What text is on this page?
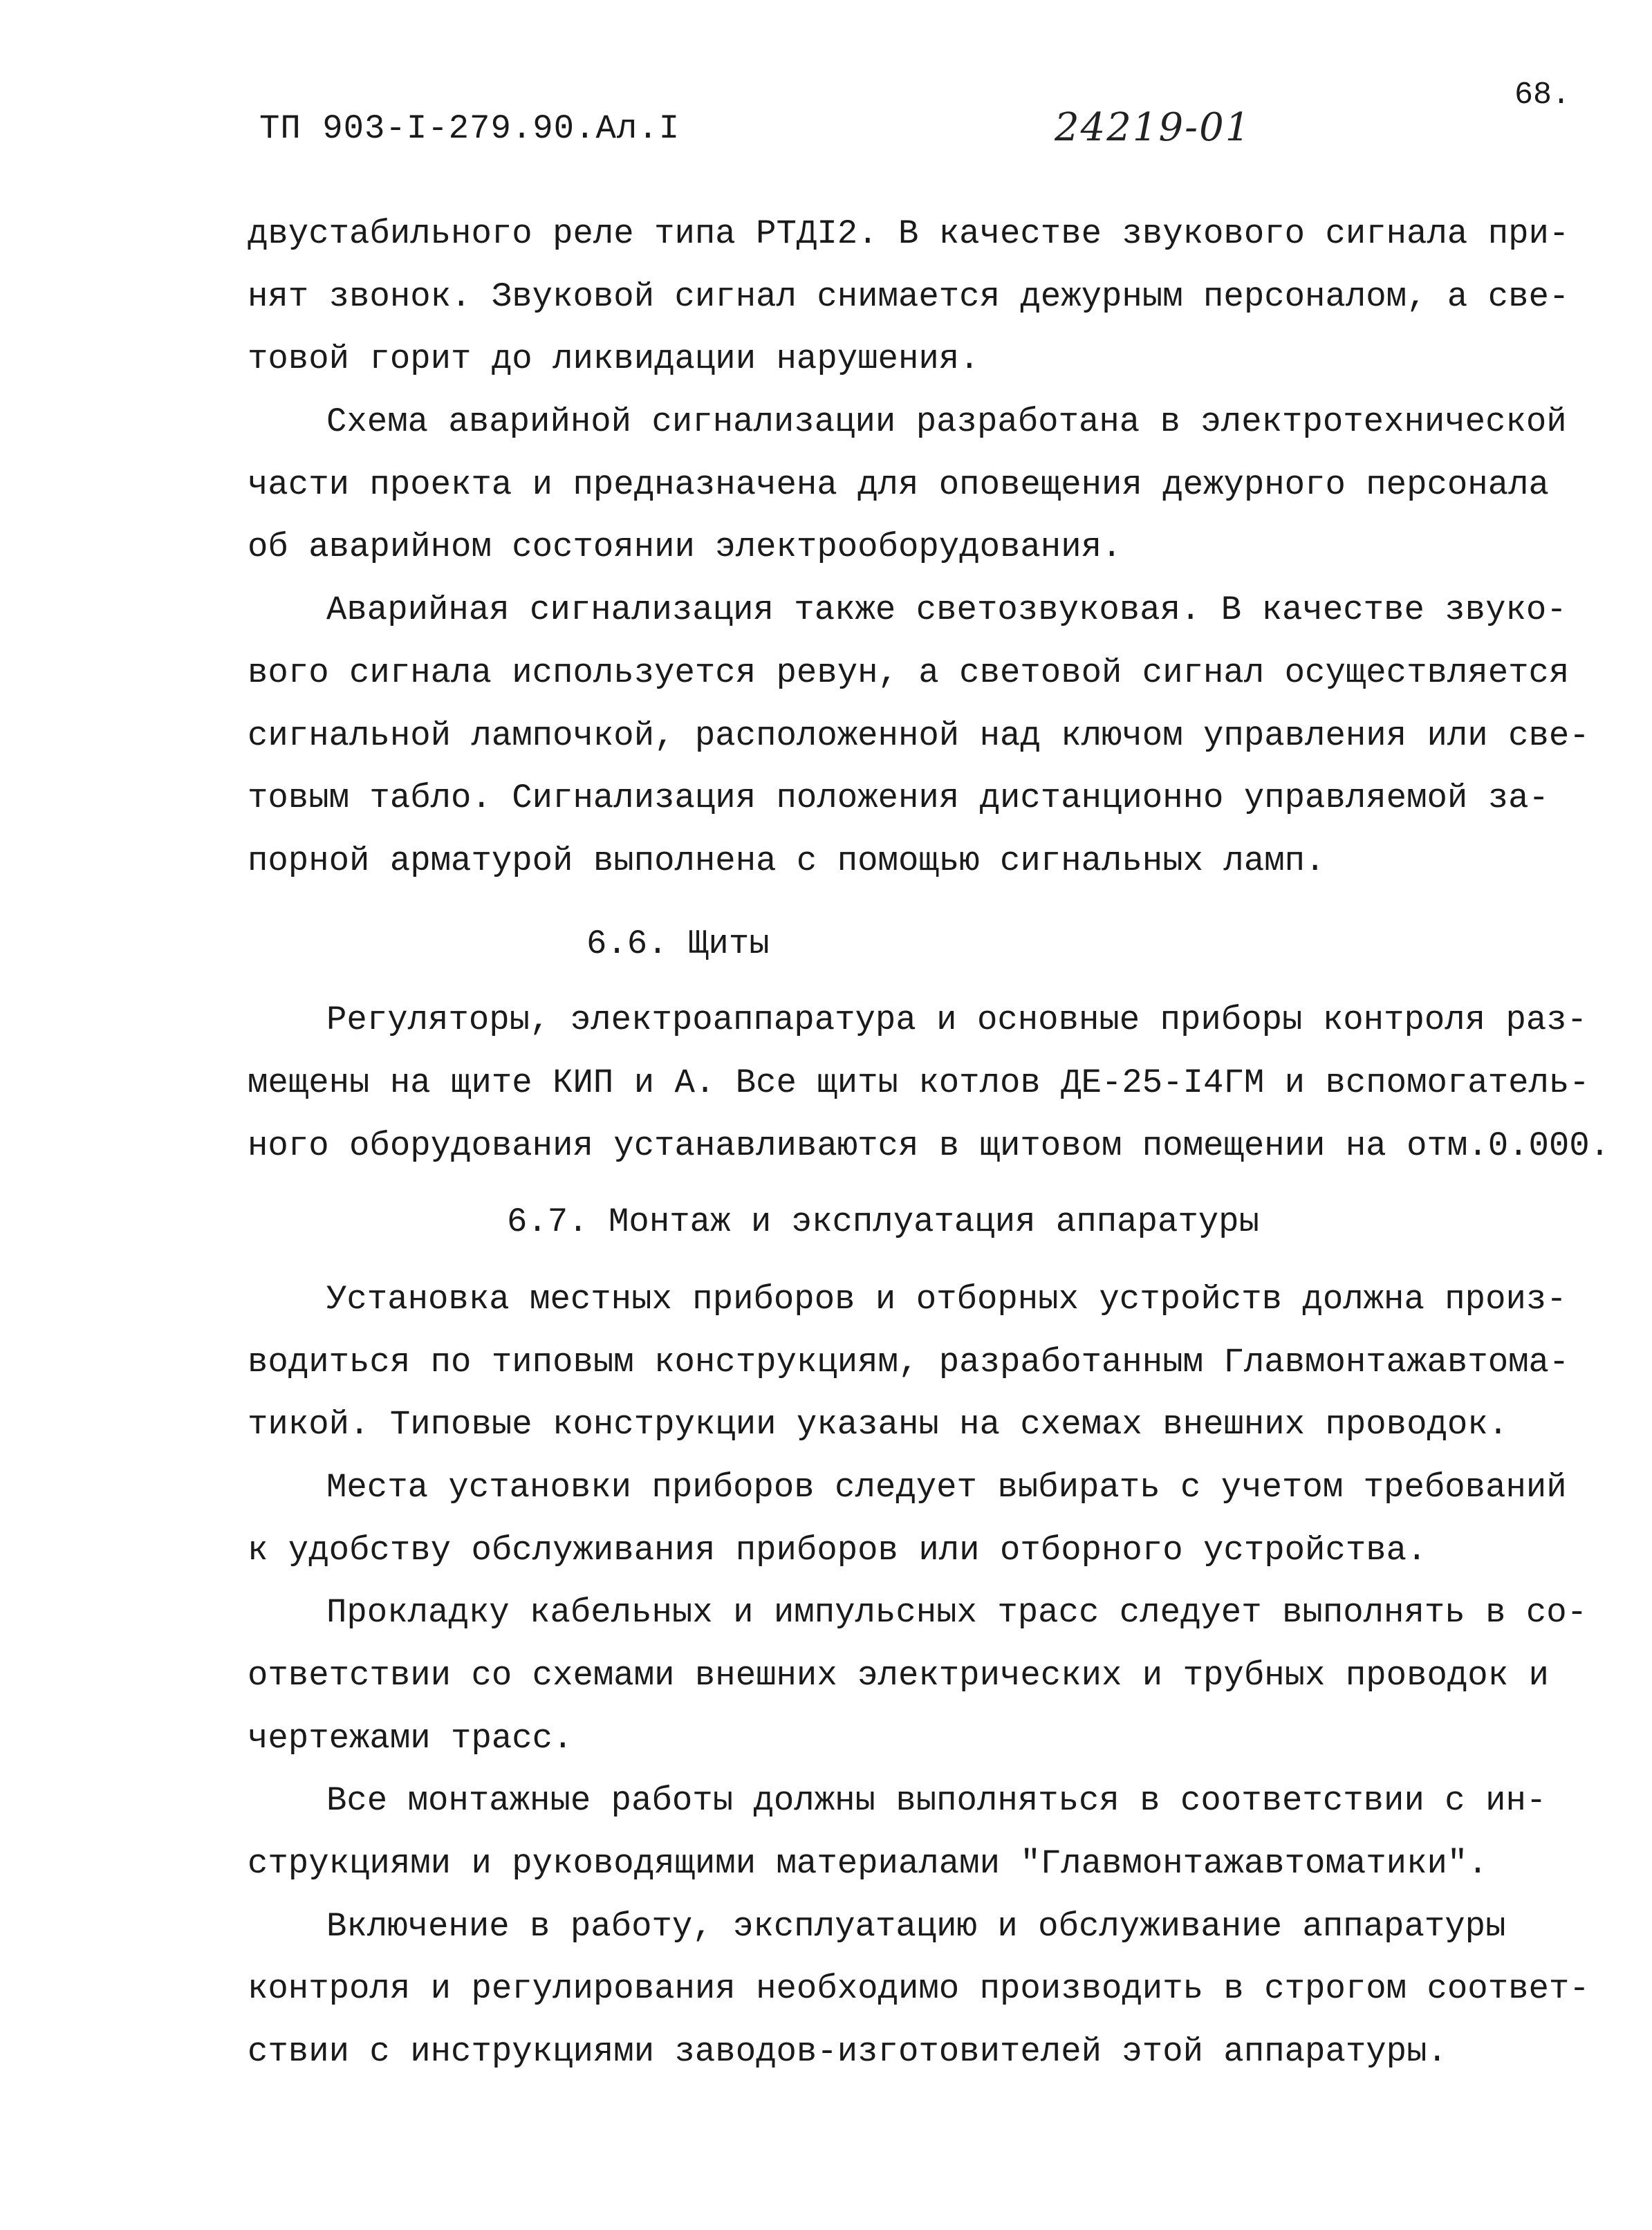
ТП 903-I-279.90.Ал.I	24219-01
68.
двустабильного реле типа РТДI2. В качестве звукового сигнала при-
нят звонок. Звуковой сигнал снимается дежурным персоналом, а све-
товой горит до ликвидации нарушения.
Схема аварийной сигнализации разработана в электротехнической
части проекта и предназначена для оповещения дежурного персонала
об аварийном состоянии электрооборудования.
Аварийная сигнализация также светозвуковая. В качестве звуко-
вого сигнала используется ревун, а световой сигнал осуществляется
сигнальной лампочкой, расположенной над ключом управления или све-
товым табло. Сигнализация положения дистанционно управляемой за-
порной арматурой выполнена с помощью сигнальных ламп.
6.6. Щиты
Регуляторы, электроаппаратура и основные приборы контроля раз-
мещены на щите КИП и А. Все щиты котлов ДЕ-25-I4ГМ и вспомогатель-
ного оборудования устанавливаются в щитовом помещении на отм.0.000.
6.7. Монтаж и эксплуатация аппаратуры
Установка местных приборов и отборных устройств должна произ-
водиться по типовым конструкциям, разработанным Главмонтажавтома-
тикой. Типовые конструкции указаны на схемах внешних проводок.
Места установки приборов следует выбирать с учетом требований
к удобству обслуживания приборов или отборного устройства.
Прокладку кабельных и импульсных трасс следует выполнять в со-
ответствии со схемами внешних электрических и трубных проводок и
чертежами трасс.
Все монтажные работы должны выполняться в соответствии с ин-
струкциями и руководящими материалами "Главмонтажавтоматики".
Включение в работу, эксплуатацию и обслуживание аппаратуры
контроля и регулирования необходимо производить в строгом соответ-
ствии с инструкциями заводов-изготовителей этой аппаратуры.
